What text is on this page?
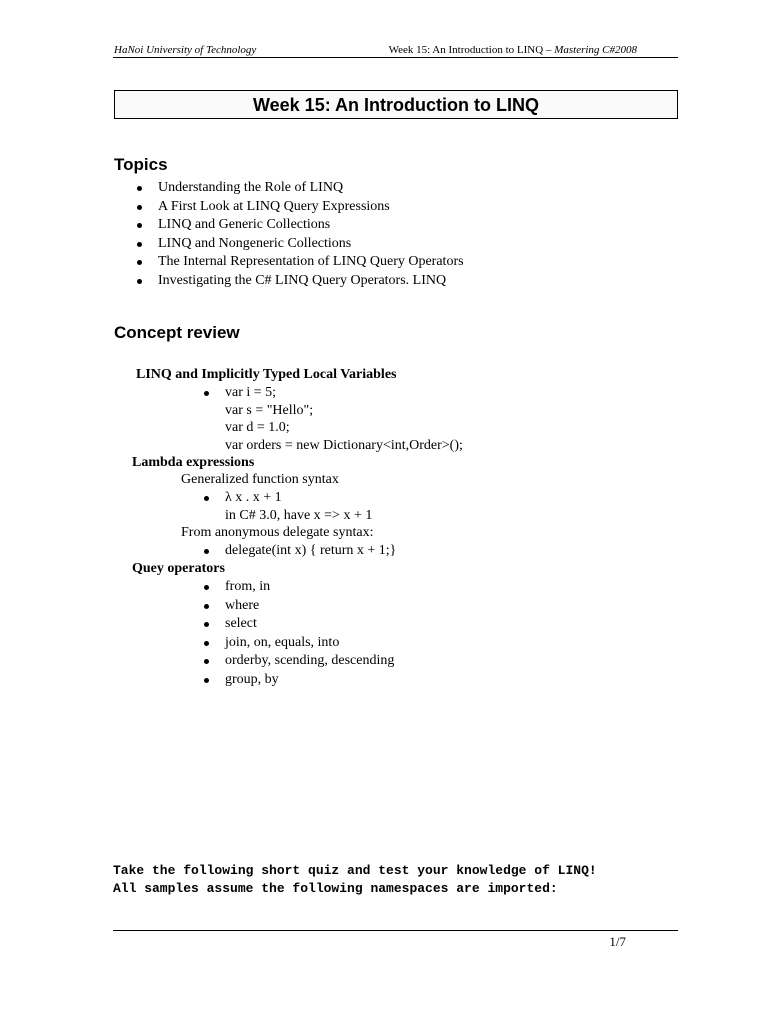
HaNoi University of Technology	Week 15: An Introduction to LINQ – Mastering C#2008
Week 15: An Introduction to LINQ
Topics
Understanding the Role of LINQ
A First Look at LINQ Query Expressions
LINQ and Generic Collections
LINQ and Nongeneric Collections
The Internal Representation of LINQ Query Operators
Investigating the C# LINQ Query Operators. LINQ
Concept review
LINQ and Implicitly Typed Local Variables
var i = 5;
var s = "Hello";
var d = 1.0;
var orders = new Dictionary<int,Order>();
Lambda expressions
Generalized function syntax
λ x . x + 1
in C# 3.0, have x => x + 1
From anonymous delegate syntax:
delegate(int x) { return x + 1;}
Quey operators
from, in
where
select
join, on, equals, into
orderby, scending, descending
group, by
Take the following short quiz and test your knowledge of LINQ!
All samples assume the following namespaces are imported:
1/7
